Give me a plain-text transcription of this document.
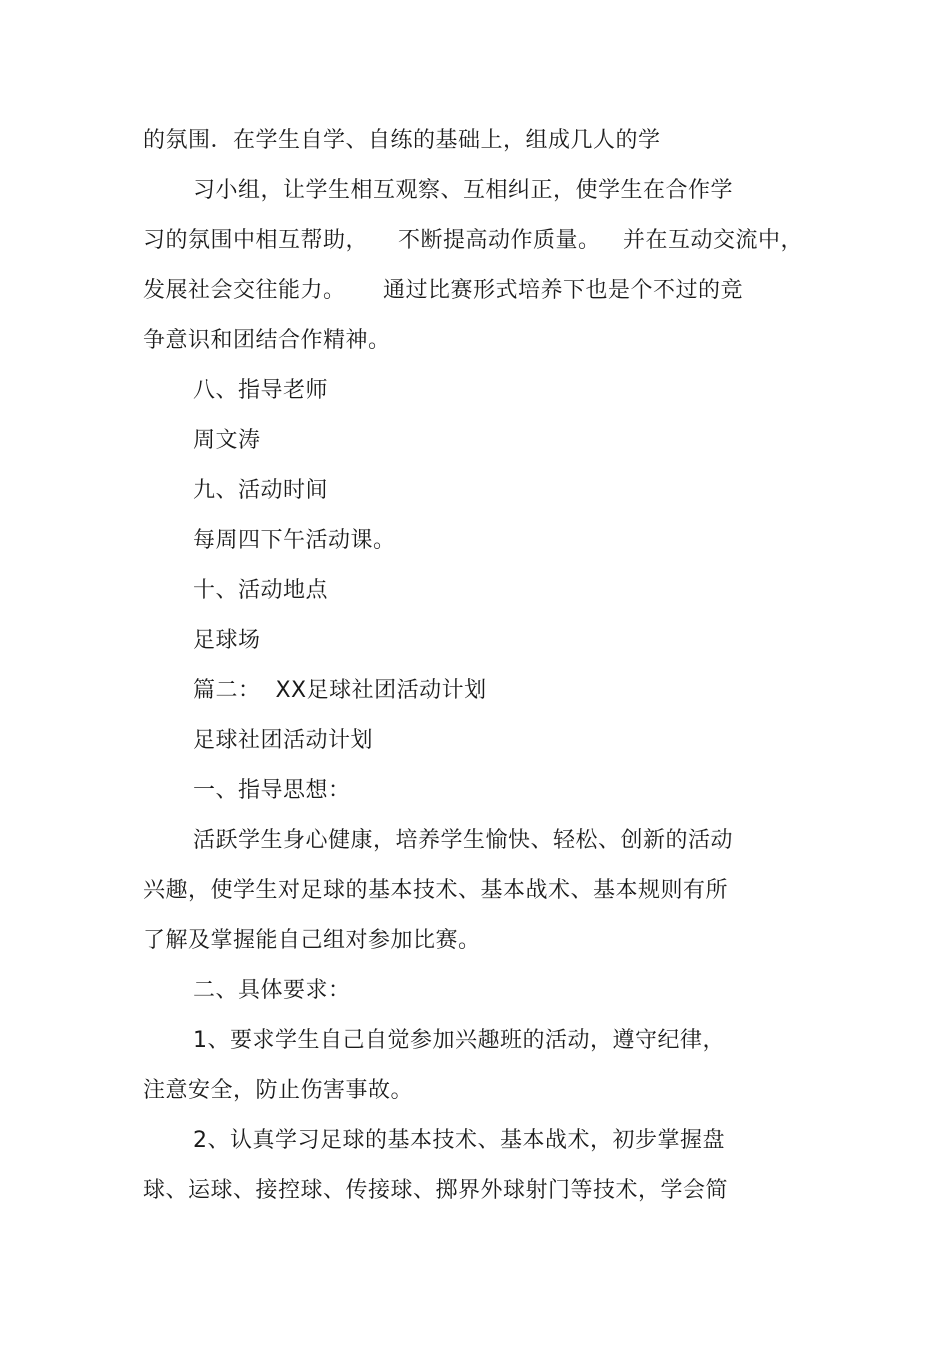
的氛围．在学生自学、自练的基础上，组成几人的学
习小组，让学生相互观察、互相纠正，使学生在合作学
习的氛围中相互帮助，    不断提高动作质量。   并在互动交流中，
发展社会交往能力。     通过比赛形式培养下也是个不过的竞
争意识和团结合作精神。
八、指导老师
周文涛
九、活动时间
每周四下午活动课。
十、活动地点
足球场
篇二：  XX足球社团活动计划
足球社团活动计划
一、指导思想：
活跃学生身心健康，培养学生愉快、轻松、创新的活动
兴趣，使学生对足球的基本技术、基本战术、基本规则有所
了解及掌握能自己组对参加比赛。
二、具体要求：
1、要求学生自己自觉参加兴趣班的活动，遵守纪律，
注意安全，防止伤害事故。
2、认真学习足球的基本技术、基本战术，初步掌握盘
球、运球、接控球、传接球、掷界外球射门等技术，学会简
